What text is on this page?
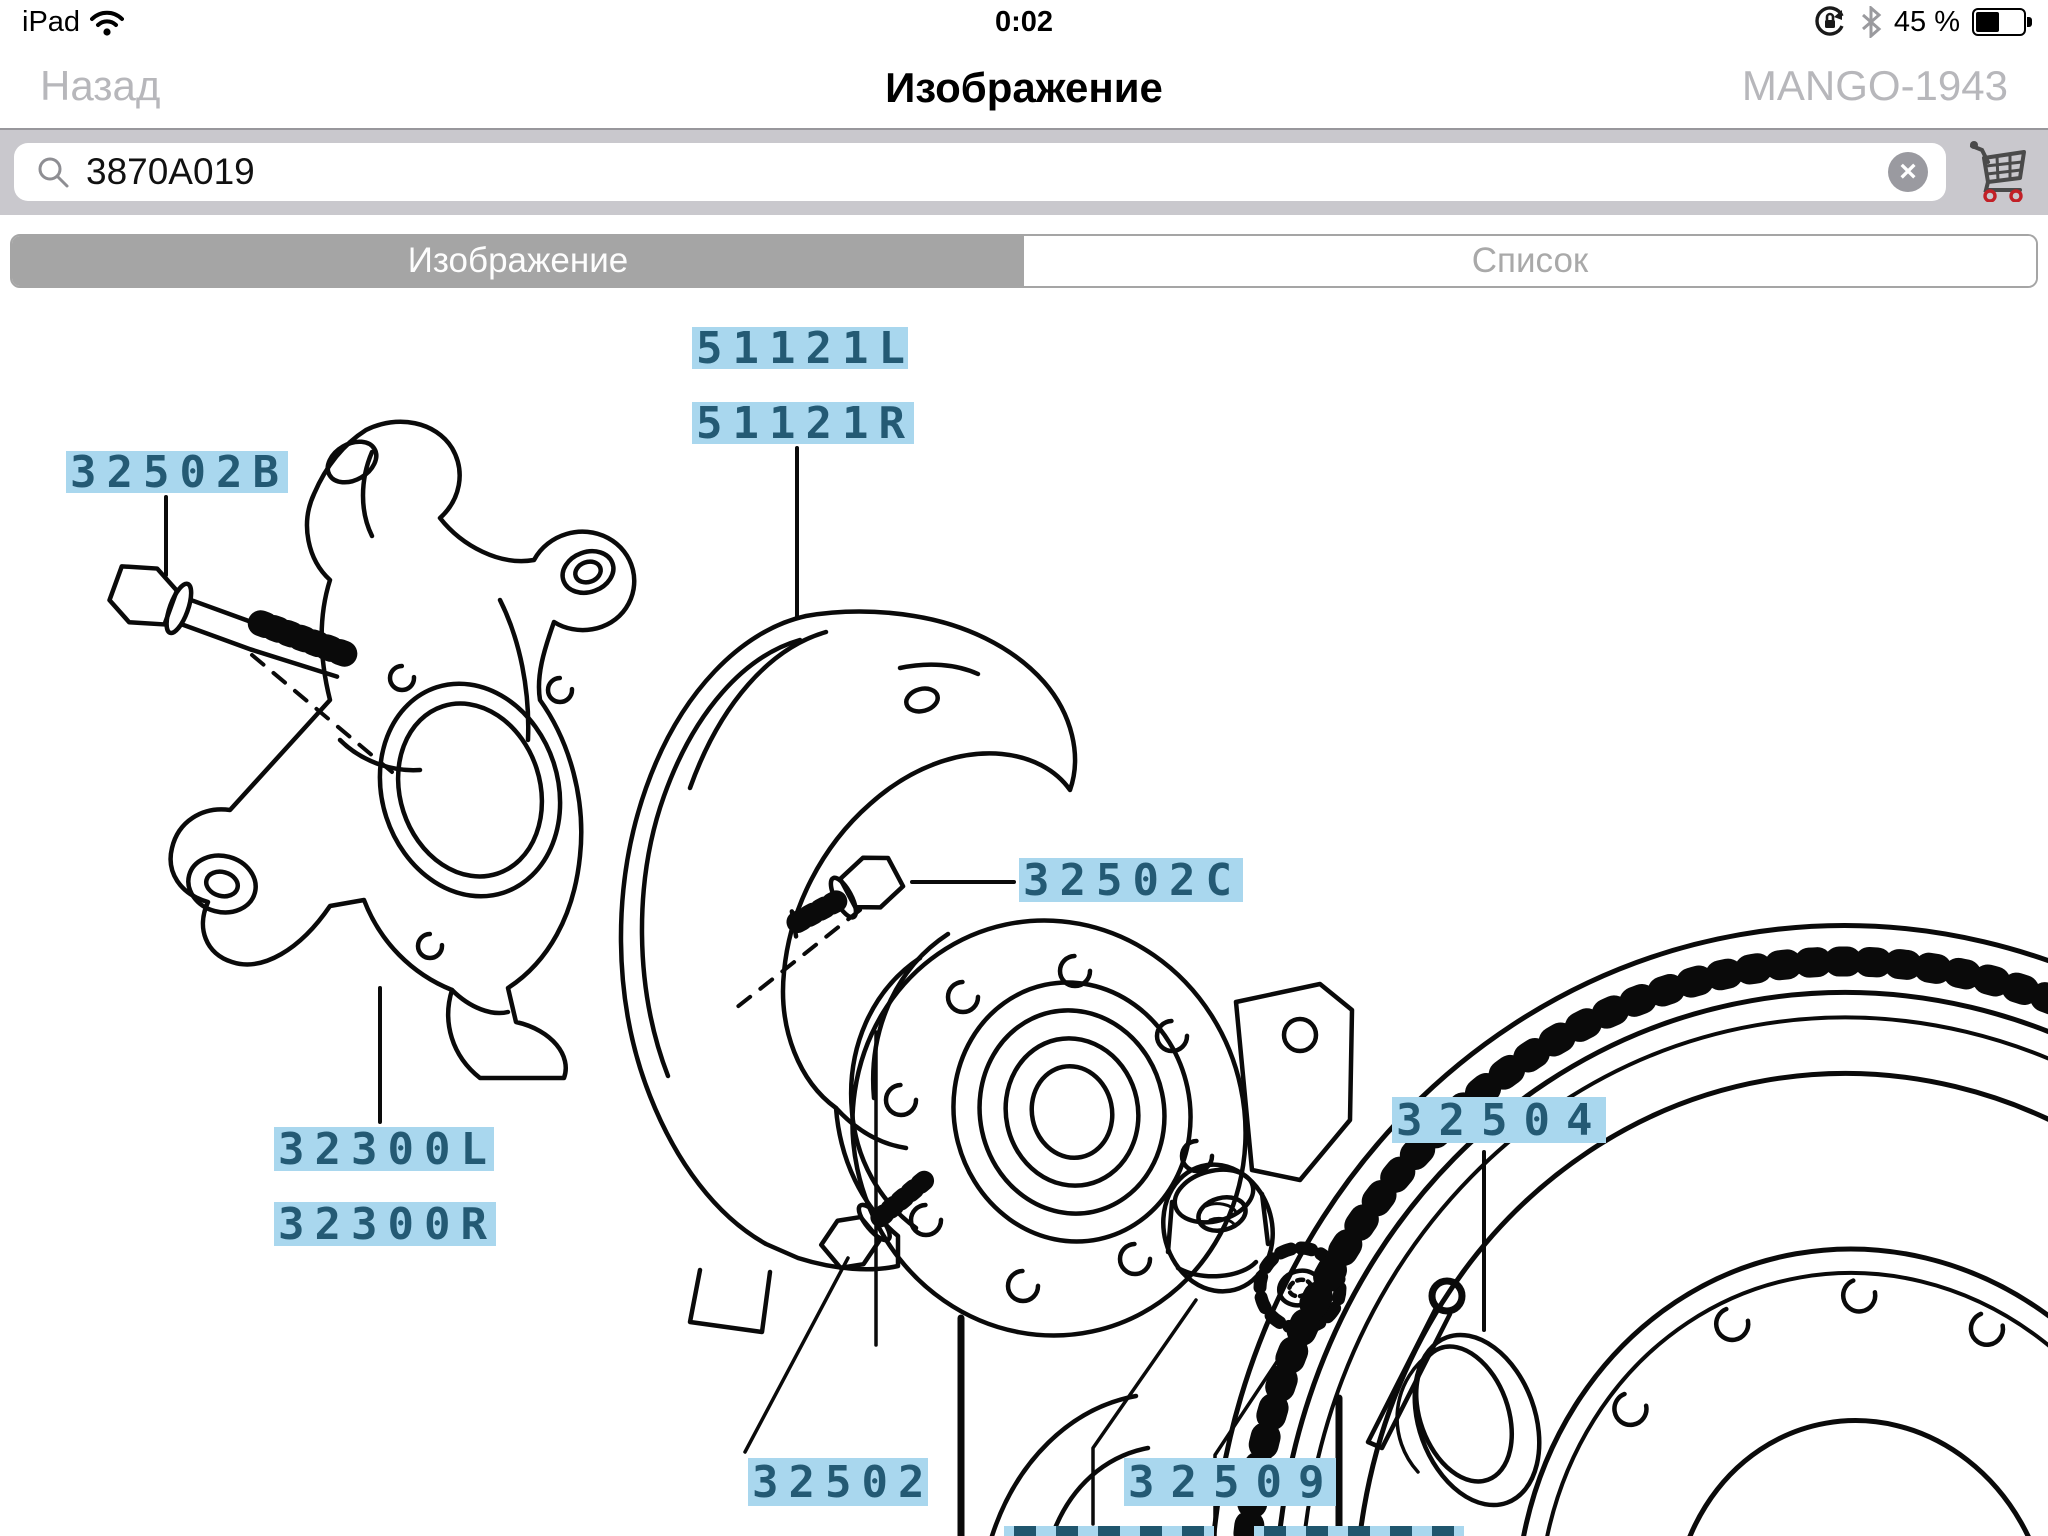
iPad	0:02	45 %
Назад	Изображение	MANGO-1943
3870A019
×
Изображение	Список
51121L
51121R
32502B
32502C
32300L
32300R
32504
32502	32509
